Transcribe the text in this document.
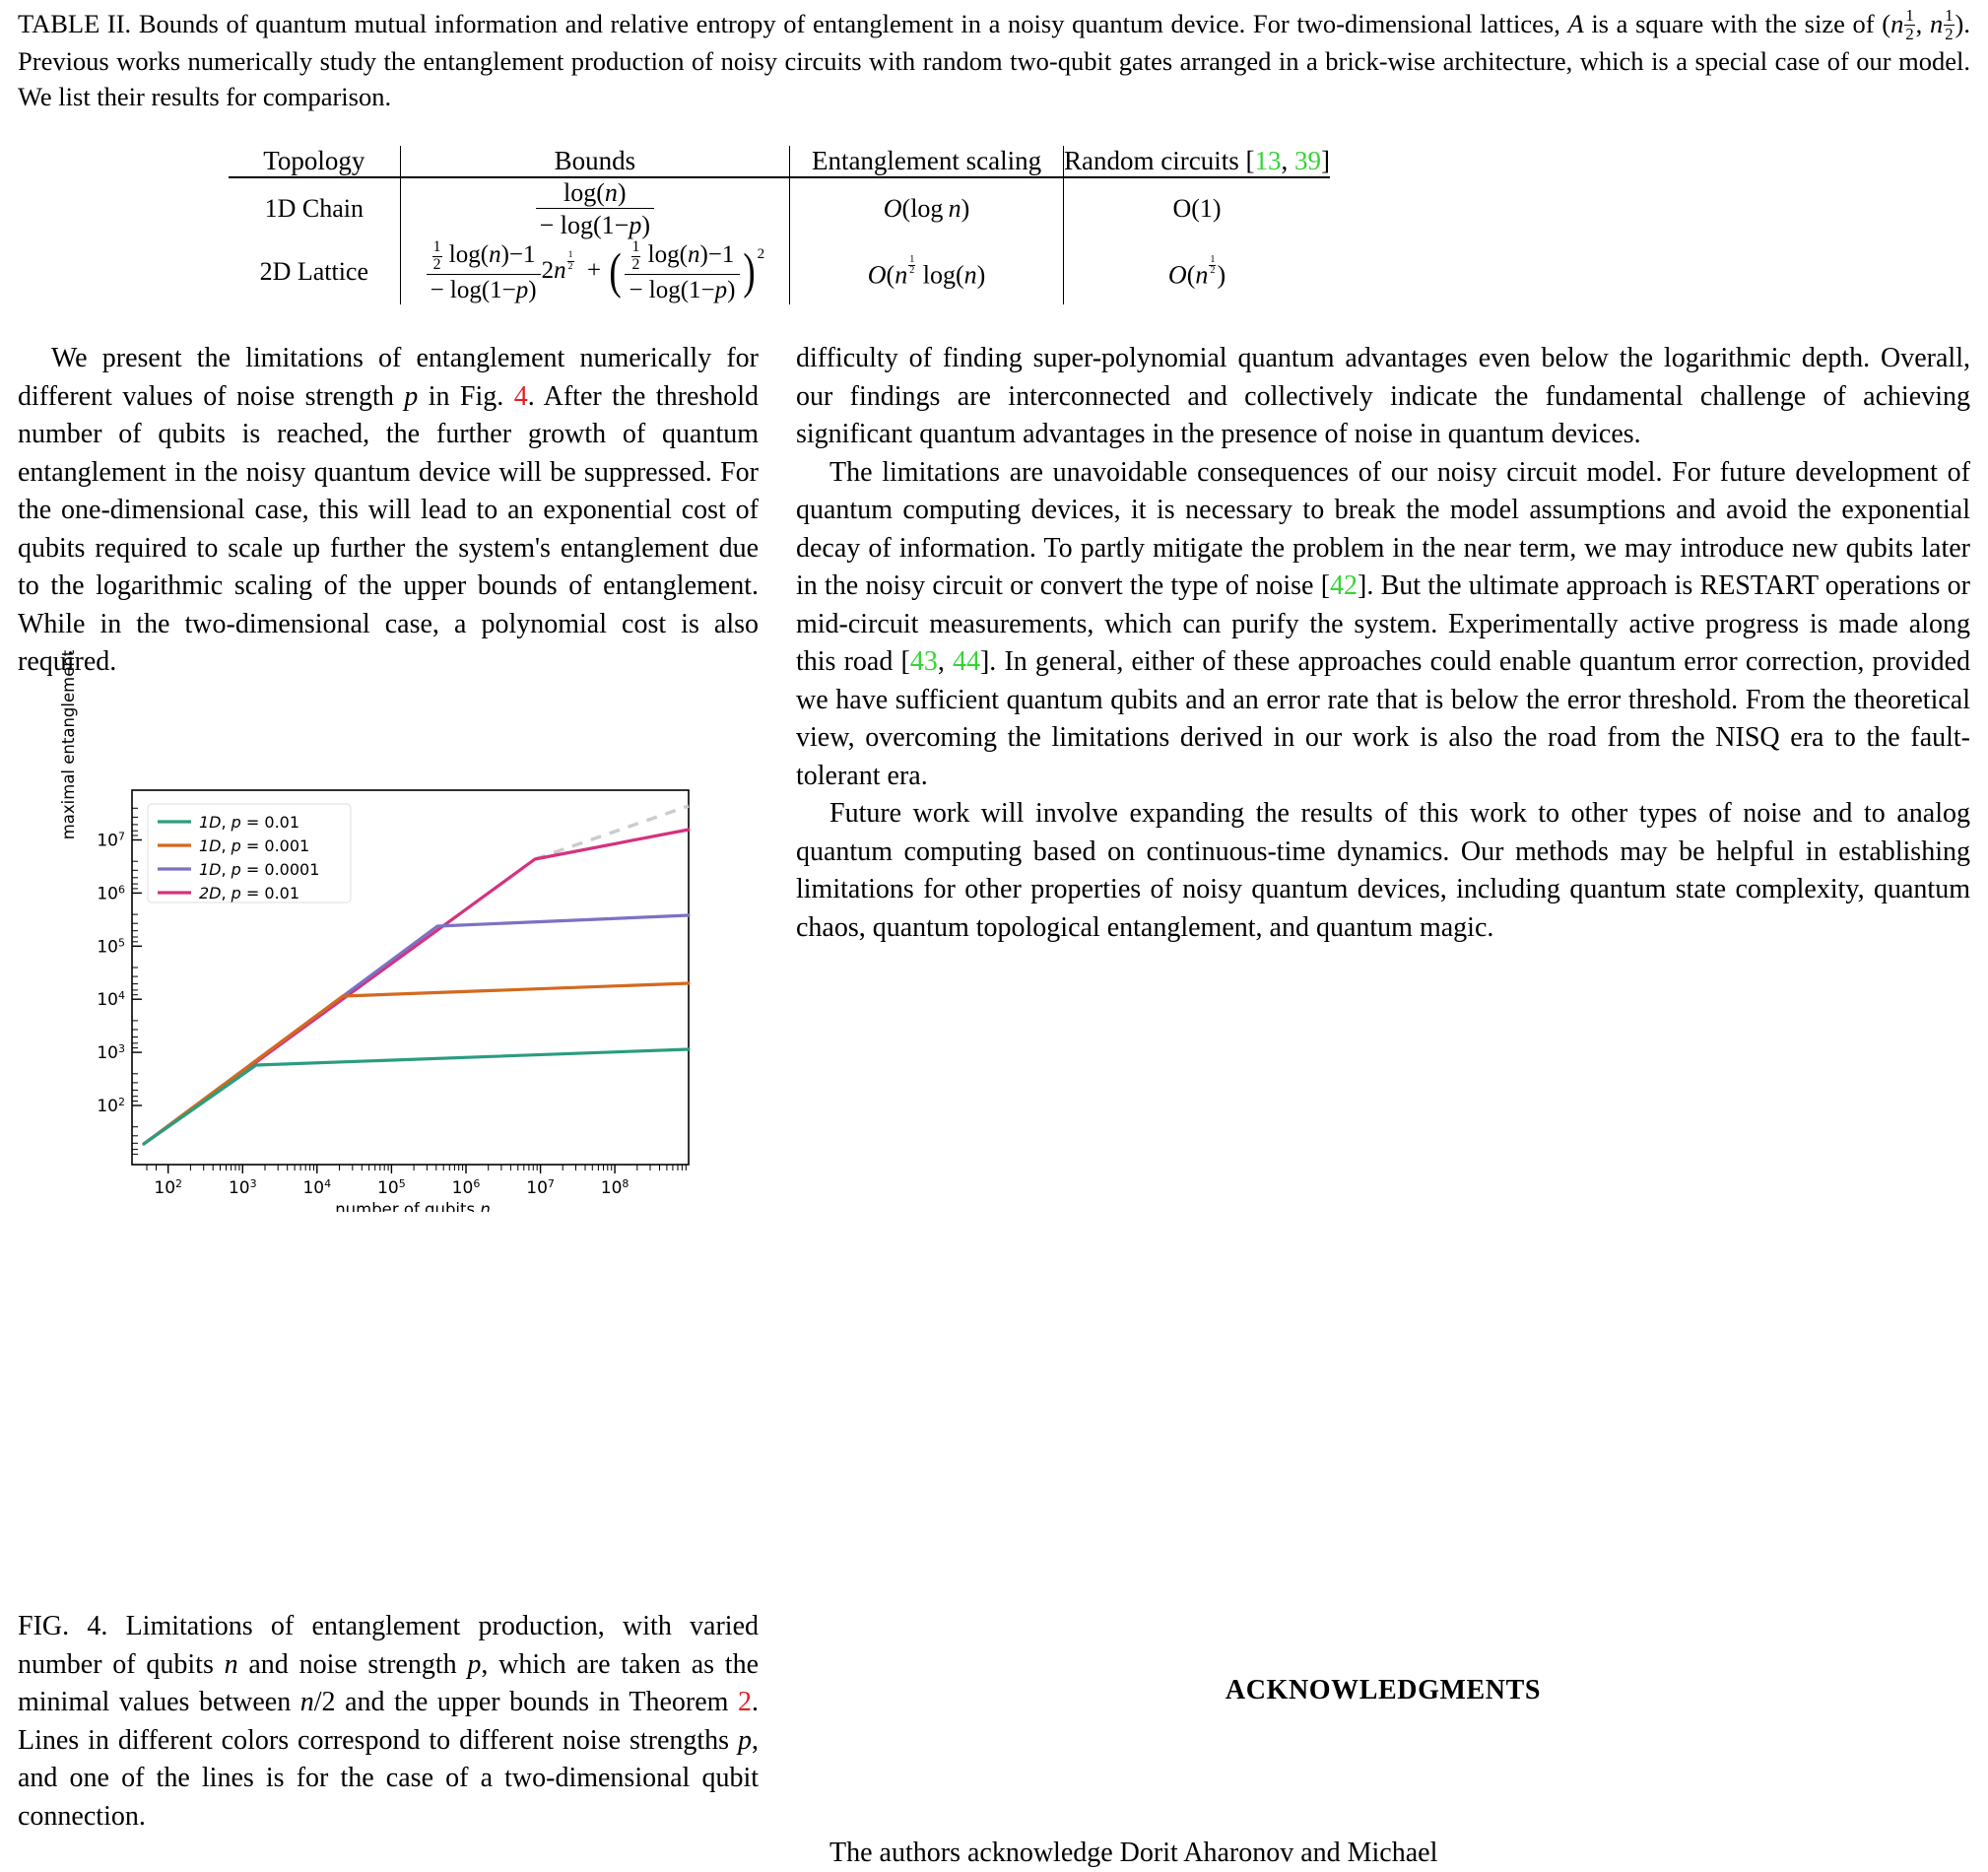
TABLE II. Bounds of quantum mutual information and relative entropy of entanglement in a noisy quantum device. For two-dimensional lattices, A is a square with the size of ($n \frac{1}{2}$ , n $\frac{1}{2}$ ). Previous works numerically study the entanglement production of noisy circuits with random two-qubit gates arranged in a brick-wise architecture, which is a special case of our model. We list their results for comparison.
Topology	Bounds	Entanglement scaling	Random circuits [13, 39]
1D Chain	$\frac{\log(n)}{- \log(1-p)}$	O(log n)	O(1)
2D Lattice	$\frac{\frac{1}{2} \log(n)-1}{- \log(1-p)} 2n$ $^{\frac{1}{2}}$ + ( $\frac{\frac{1}{2} \log(n)-1}{- \log(1-p)}$ ) $^2$	O(n $^{\frac{1}{2}}$ log(n)	O(n $^{\frac{1}{2}}$ )

We present the limitations of entanglement numerically for different values of noise strength p in Fig. 4. After the threshold number of qubits is reached, the further growth of quantum entanglement in the noisy quantum device will be suppressed. For the one-dimensional case, this will lead to an exponential cost of qubits required to scale up further the system's entanglement due to the logarithmic scaling of the upper bounds of entanglement. While in the two-dimensional case, a polynomial cost is also required.

$10^7$
$10^6$
$10^5$
$10^4$
$10^3$
$10^2$
$10^2$	$10^3$	$10^4$	$10^5$	$10^6$	$10^7$	$10^8$
number of qubits n
1D, p = 0.01
1D, p = 0.001
1D, p = 0.0001
2D, p = 0.01
maximal entanglement
FIG. 4. Limitations of entanglement production, with varied number of qubits n and noise strength p, which are taken as the minimal values between n/2 and the upper bounds in Theorem 2. Lines in different colors correspond to different noise strengths p, and one of the lines is for the case of a two-dimensional qubit connection.

difficulty of finding super-polynomial quantum advantages even below the logarithmic depth. Overall, our findings are interconnected and collectively indicate the fundamental challenge of achieving significant quantum advantages in the presence of noise in quantum devices.

The limitations are unavoidable consequences of our noisy circuit model. For future development of quantum computing devices, it is necessary to break the model assumptions and avoid the exponential decay of information. To partly mitigate the problem in the near term, we may introduce new qubits later in the noisy circuit or convert the type of noise [42]. But the ultimate approach is RESTART operations or mid-circuit measurements, which can purify the system. Experimentally active progress is made along this road [43, 44]. In general, either of these approaches could enable quantum error correction, provided we have sufficient quantum qubits and an error rate that is below the error threshold. From the theoretical view, overcoming the limitations derived in our work is also the road from the NISQ era to the fault-tolerant era.

Future work will involve expanding the results of this work to other types of noise and to analog quantum computing based on continuous-time dynamics. Our methods may be helpful in establishing limitations for other properties of noisy quantum devices, including quantum state complexity, quantum chaos, quantum topological entanglement, and quantum magic.

ACKNOWLEDGMENTS

The authors acknowledge Dorit Aharonov and Michael
